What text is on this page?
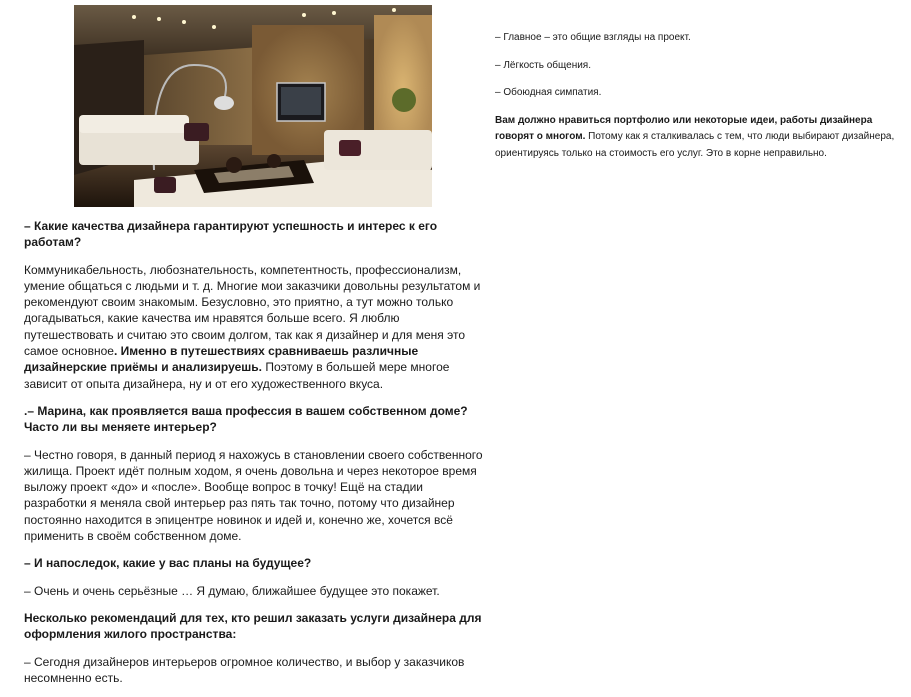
– Какие качества дизайнера гарантируют успешность и интерес к его работам?

Коммуникабельность, любознательность, компетентность, профессионализм, умение общаться с людьми и т. д. Многие мои заказчики довольны результатом и рекомендуют своим знакомым. Безусловно, это приятно, а тут можно только догадываться, какие качества им нравятся больше всего. Я люблю путешествовать и считаю это своим долгом, так как я дизайнер и для меня это самое основное. Именно в путешествиях сравниваешь различные дизайнерские приёмы и анализируешь. Поэтому в большей мере многое зависит от опыта дизайнера, ну и от его художественного вкуса.

.– Марина, как проявляется ваша профессия в вашем собственном доме? Часто ли вы меняете интерьер?

– Честно говоря, в данный период я нахожусь в становлении своего собственного жилища. Проект идёт полным ходом, я очень довольна и через некоторое время выложу проект «до» и «после». Вообще вопрос в точку! Ещё на стадии разработки я меняла свой интерьер раз пять так точно, потому что дизайнер постоянно находится в эпицентре новинок и идей и, конечно же, хочется всё применить в своём собственном доме.

– И напоследок, какие у вас планы на будущее?

– Очень и очень серьёзные … Я думаю, ближайшее будущее это покажет.

Несколько рекомендаций для тех, кто решил заказать услуги дизайнера для оформления жилого пространства:

– Сегодня дизайнеров интерьеров огромное количество, и выбор у заказчиков несомненно есть.

– Главное – это общие взгляды на проект.

– Лёгкость общения.

– Обоюдная симпатия.

Вам должно нравиться портфолио или некоторые идеи, работы дизайнера говорят о многом. Потому как я сталкивалась с тем, что люди выбирают дизайнера, ориентируясь только на стоимость его услуг. Это в корне неправильно.
